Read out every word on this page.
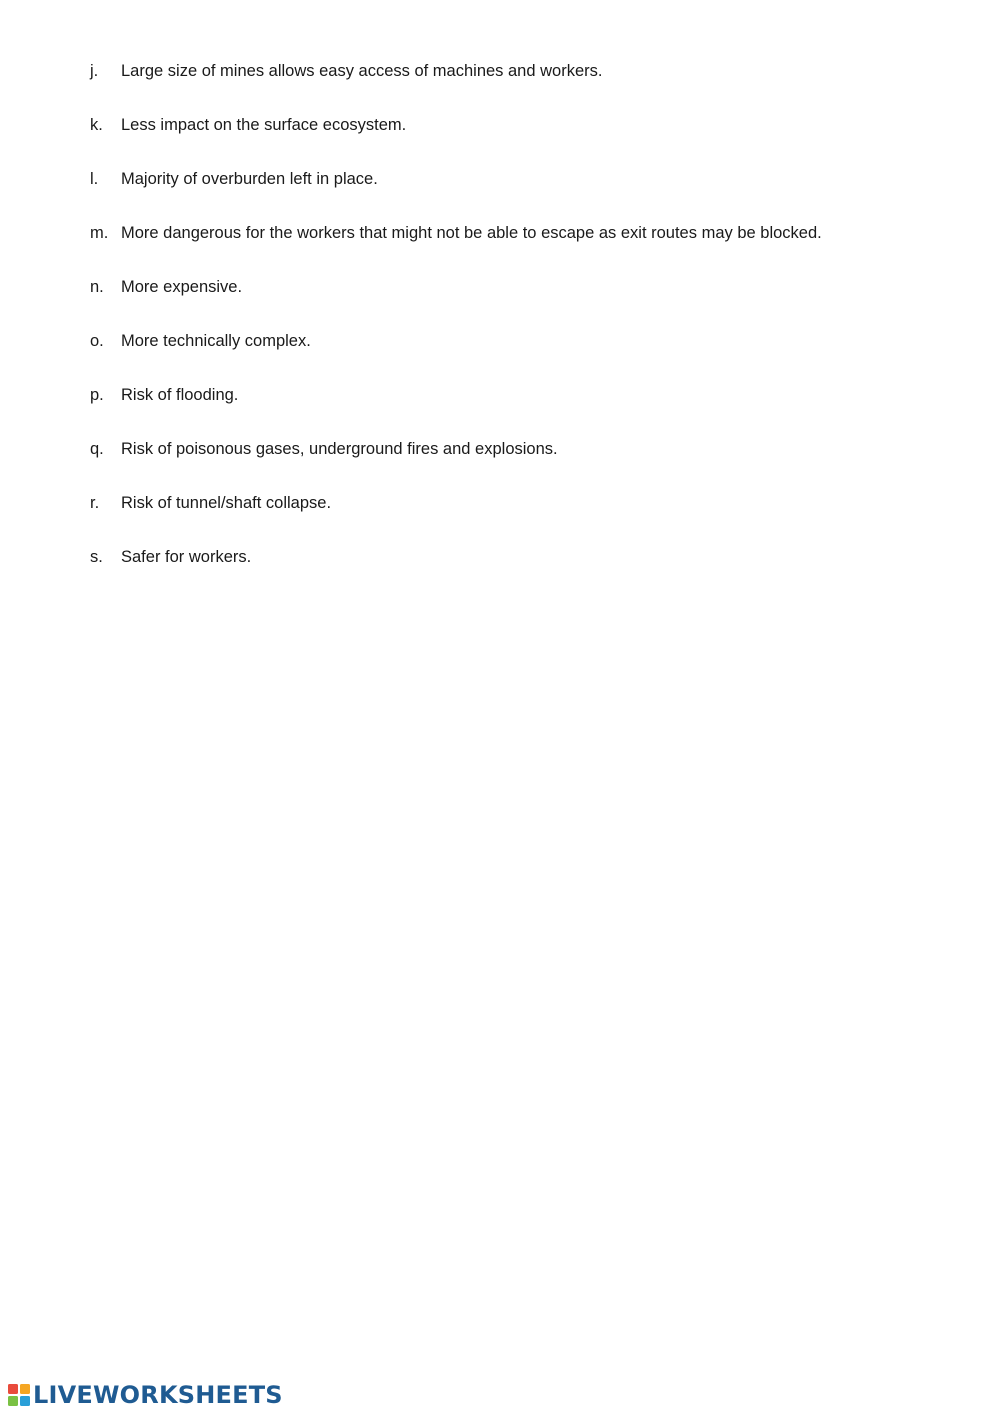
j.	Large size of mines allows easy access of machines and workers.
k.	Less impact on the surface ecosystem.
l.	Majority of overburden left in place.
m. More dangerous for the workers that might not be able to escape as exit routes may be blocked.
n.	More expensive.
o.	More technically complex.
p.	Risk of flooding.
q.	Risk of poisonous gases, underground fires and explosions.
r.	Risk of tunnel/shaft collapse.
s.	Safer for workers.
LIVEWORKSHEETS
